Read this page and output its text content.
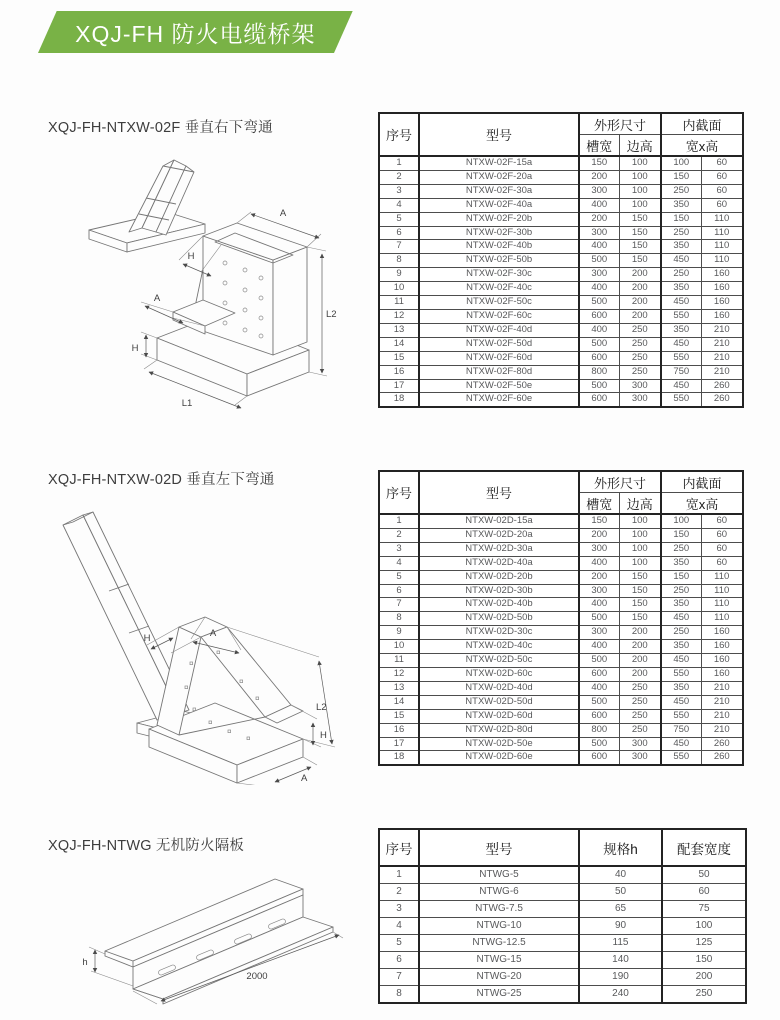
XQJ-FH 防火电缆桥架
XQJ-FH-NTXW-02F 垂直右下弯通
A
H
A
H
L2
L1
序号	型号	外形尺寸		内截面	
		槽宽	边高	宽x高	
1	NTXW-02F-15a	150	100	100	60
2	NTXW-02F-20a	200	100	150	60
3	NTXW-02F-30a	300	100	250	60
4	NTXW-02F-40a	400	100	350	60
5	NTXW-02F-20b	200	150	150	110
6	NTXW-02F-30b	300	150	250	110
7	NTXW-02F-40b	400	150	350	110
8	NTXW-02F-50b	500	150	450	110
9	NTXW-02F-30c	300	200	250	160
10	NTXW-02F-40c	400	200	350	160
11	NTXW-02F-50c	500	200	450	160
12	NTXW-02F-60c	600	200	550	160
13	NTXW-02F-40d	400	250	350	210
14	NTXW-02F-50d	500	250	450	210
15	NTXW-02F-60d	600	250	550	210
16	NTXW-02F-80d	800	250	750	210
17	NTXW-02F-50e	500	300	450	260
18	NTXW-02F-60e	600	300	550	260
XQJ-FH-NTXW-02D 垂直左下弯通
H	A
L2
H
A
序号	型号	外形尺寸		内截面	
		槽宽	边高	宽x高	
1	NTXW-02D-15a	150	100	100	60
2	NTXW-02D-20a	200	100	150	60
3	NTXW-02D-30a	300	100	250	60
4	NTXW-02D-40a	400	100	350	60
5	NTXW-02D-20b	200	150	150	110
6	NTXW-02D-30b	300	150	250	110
7	NTXW-02D-40b	400	150	350	110
8	NTXW-02D-50b	500	150	450	110
9	NTXW-02D-30c	300	200	250	160
10	NTXW-02D-40c	400	200	350	160
11	NTXW-02D-50c	500	200	450	160
12	NTXW-02D-60c	600	200	550	160
13	NTXW-02D-40d	400	250	350	210
14	NTXW-02D-50d	500	250	450	210
15	NTXW-02D-60d	600	250	550	210
16	NTXW-02D-80d	800	250	750	210
17	NTXW-02D-50e	500	300	450	260
18	NTXW-02D-60e	600	300	550	260
XQJ-FH-NTWG 无机防火隔板
h
2000
序号	型号	规格h	配套宽度
1	NTWG-5	40	50
2	NTWG-6	50	60
3	NTWG-7.5	65	75
4	NTWG-10	90	100
5	NTWG-12.5	115	125
6	NTWG-15	140	150
7	NTWG-20	190	200
8	NTWG-25	240	250
